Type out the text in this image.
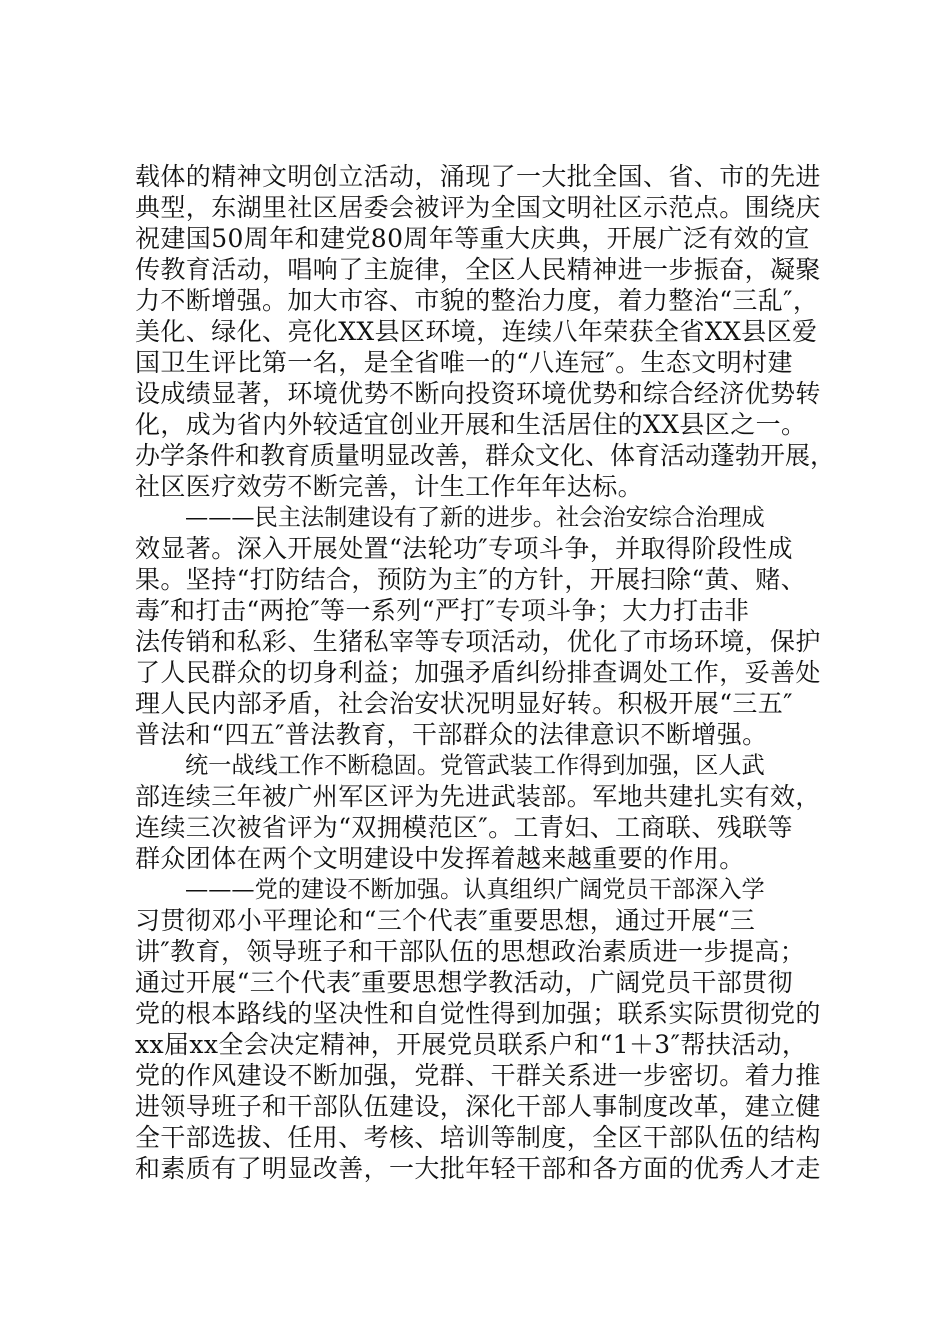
载体的精神文明创立活动，涌现了一大批全国、省、市的先进
典型，东湖里社区居委会被评为全国文明社区示范点。围绕庆
祝建国50周年和建党80周年等重大庆典，开展广泛有效的宣
传教育活动，唱响了主旋律，全区人民精神进一步振奋，凝聚
力不断增强。加大市容、市貌的整治力度，着力整治“三乱″，
美化、绿化、亮化XX县区环境，连续八年荣获全省XX县区爱
国卫生评比第一名，是全省唯一的“八连冠″。生态文明村建
设成绩显著，环境优势不断向投资环境优势和综合经济优势转
化，成为省内外较适宜创业开展和生活居住的XX县区之一。
办学条件和教育质量明显改善，群众文化、体育活动蓬勃开展，
社区医疗效劳不断完善，计生工作年年达标。
———民主法制建设有了新的进步。社会治安综合治理成
效显著。深入开展处置“法轮功″专项斗争，并取得阶段性成
果。坚持“打防结合，预防为主″的方针，开展扫除“黄、赌、
毒″和打击“两抢″等一系列“严打″专项斗争；大力打击非
法传销和私彩、生猪私宰等专项活动，优化了市场环境，保护
了人民群众的切身利益；加强矛盾纠纷排查调处工作，妥善处
理人民内部矛盾，社会治安状况明显好转。积极开展“三五″
普法和“四五″普法教育，干部群众的法律意识不断增强。
统一战线工作不断稳固。党管武装工作得到加强，区人武
部连续三年被广州军区评为先进武装部。军地共建扎实有效，
连续三次被省评为“双拥模范区″。工青妇、工商联、残联等
群众团体在两个文明建设中发挥着越来越重要的作用。
———党的建设不断加强。认真组织广阔党员干部深入学
习贯彻邓小平理论和“三个代表″重要思想，通过开展“三
讲″教育，领导班子和干部队伍的思想政治素质进一步提高；
通过开展“三个代表″重要思想学教活动，广阔党员干部贯彻
党的根本路线的坚决性和自觉性得到加强；联系实际贯彻党的
xx届xx全会决定精神，开展党员联系户和“1＋3″帮扶活动，
党的作风建设不断加强，党群、干群关系进一步密切。着力推
进领导班子和干部队伍建设，深化干部人事制度改革，建立健
全干部选拔、任用、考核、培训等制度，全区干部队伍的结构
和素质有了明显改善，一大批年轻干部和各方面的优秀人才走
